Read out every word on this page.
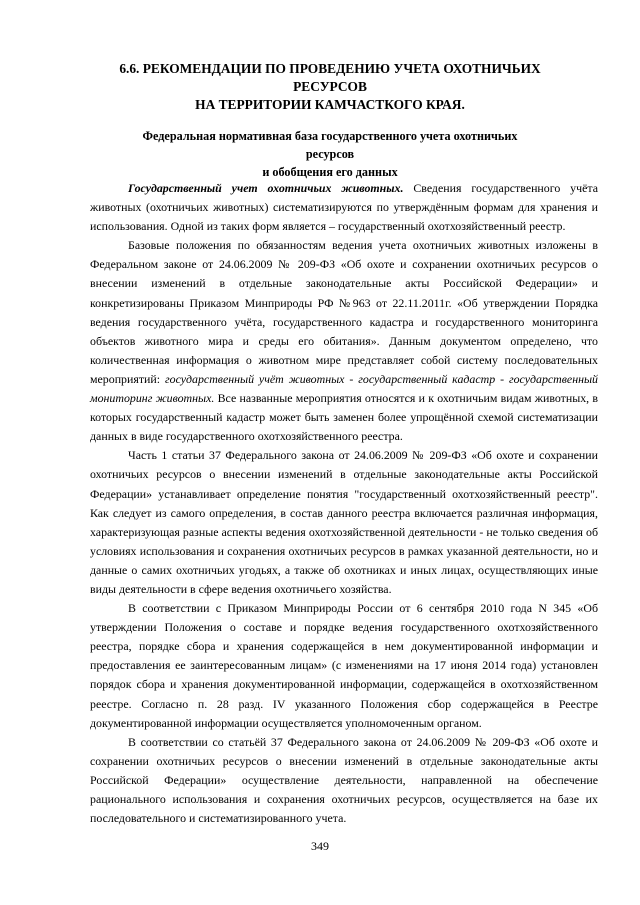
6.6. РЕКОМЕНДАЦИИ ПО ПРОВЕДЕНИЮ УЧЕТА ОХОТНИЧЬИХ РЕСУРСОВ
НА ТЕРРИТОРИИ КАМЧАСТКОГО КРАЯ.
Федеральная нормативная база государственного учета охотничьих ресурсов
и обобщения его данных

Государственный учет охотничьих животных. Сведения государственного учёта животных (охотничьих животных) систематизируются по утверждённым формам для хранения и использования. Одной из таких форм является – государственный охотхозяйственный реестр.

Базовые положения по обязанностям ведения учета охотничьих животных изложены в Федеральном законе от 24.06.2009 № 209-ФЗ «Об охоте и сохранении охотничьих ресурсов о внесении изменений в отдельные законодательные акты Российской Федерации» и конкретизированы Приказом Минприроды РФ №963 от 22.11.2011г. «Об утверждении Порядка ведения государственного учёта, государственного кадастра и государственного мониторинга объектов животного мира и среды его обитания». Данным документом определено, что количественная информация о животном мире представляет собой систему последовательных мероприятий: государственный учёт животных - государственный кадастр - государственный мониторинг животных. Все названные мероприятия относятся и к охотничьим видам животных, в которых государственный кадастр может быть заменен более упрощённой схемой систематизации данных в виде государственного охотхозяйственного реестра.

Часть 1 статьи 37 Федерального закона от 24.06.2009 № 209-ФЗ «Об охоте и сохранении охотничьих ресурсов о внесении изменений в отдельные законодательные акты Российской Федерации» устанавливает определение понятия "государственный охотхозяйственный реестр". Как следует из самого определения, в состав данного реестра включается различная информация, характеризующая разные аспекты ведения охотхозяйственной деятельности - не только сведения об условиях использования и сохранения охотничьих ресурсов в рамках указанной деятельности, но и данные о самих охотничьих угодьях, а также об охотниках и иных лицах, осуществляющих иные виды деятельности в сфере ведения охотничьего хозяйства.

В соответствии с Приказом Минприроды России от 6 сентября 2010 года N 345 «Об утверждении Положения о составе и порядке ведения государственного охотхозяйственного реестра, порядке сбора и хранения содержащейся в нем документированной информации и предоставления ее заинтересованным лицам» (с изменениями на 17 июня 2014 года) установлен порядок сбора и хранения документированной информации, содержащейся в охотхозяйственном реестре. Согласно п. 28 разд. IV указанного Положения сбор содержащейся в Реестре документированной информации осуществляется уполномоченным органом.

В соответствии со статьёй 37 Федерального закона от 24.06.2009 № 209-ФЗ «Об охоте и сохранении охотничьих ресурсов о внесении изменений в отдельные законодательные акты Российской Федерации» осуществление деятельности, направленной на обеспечение рационального использования и сохранения охотничьих ресурсов, осуществляется на базе их последовательного и систематизированного учета.

349
